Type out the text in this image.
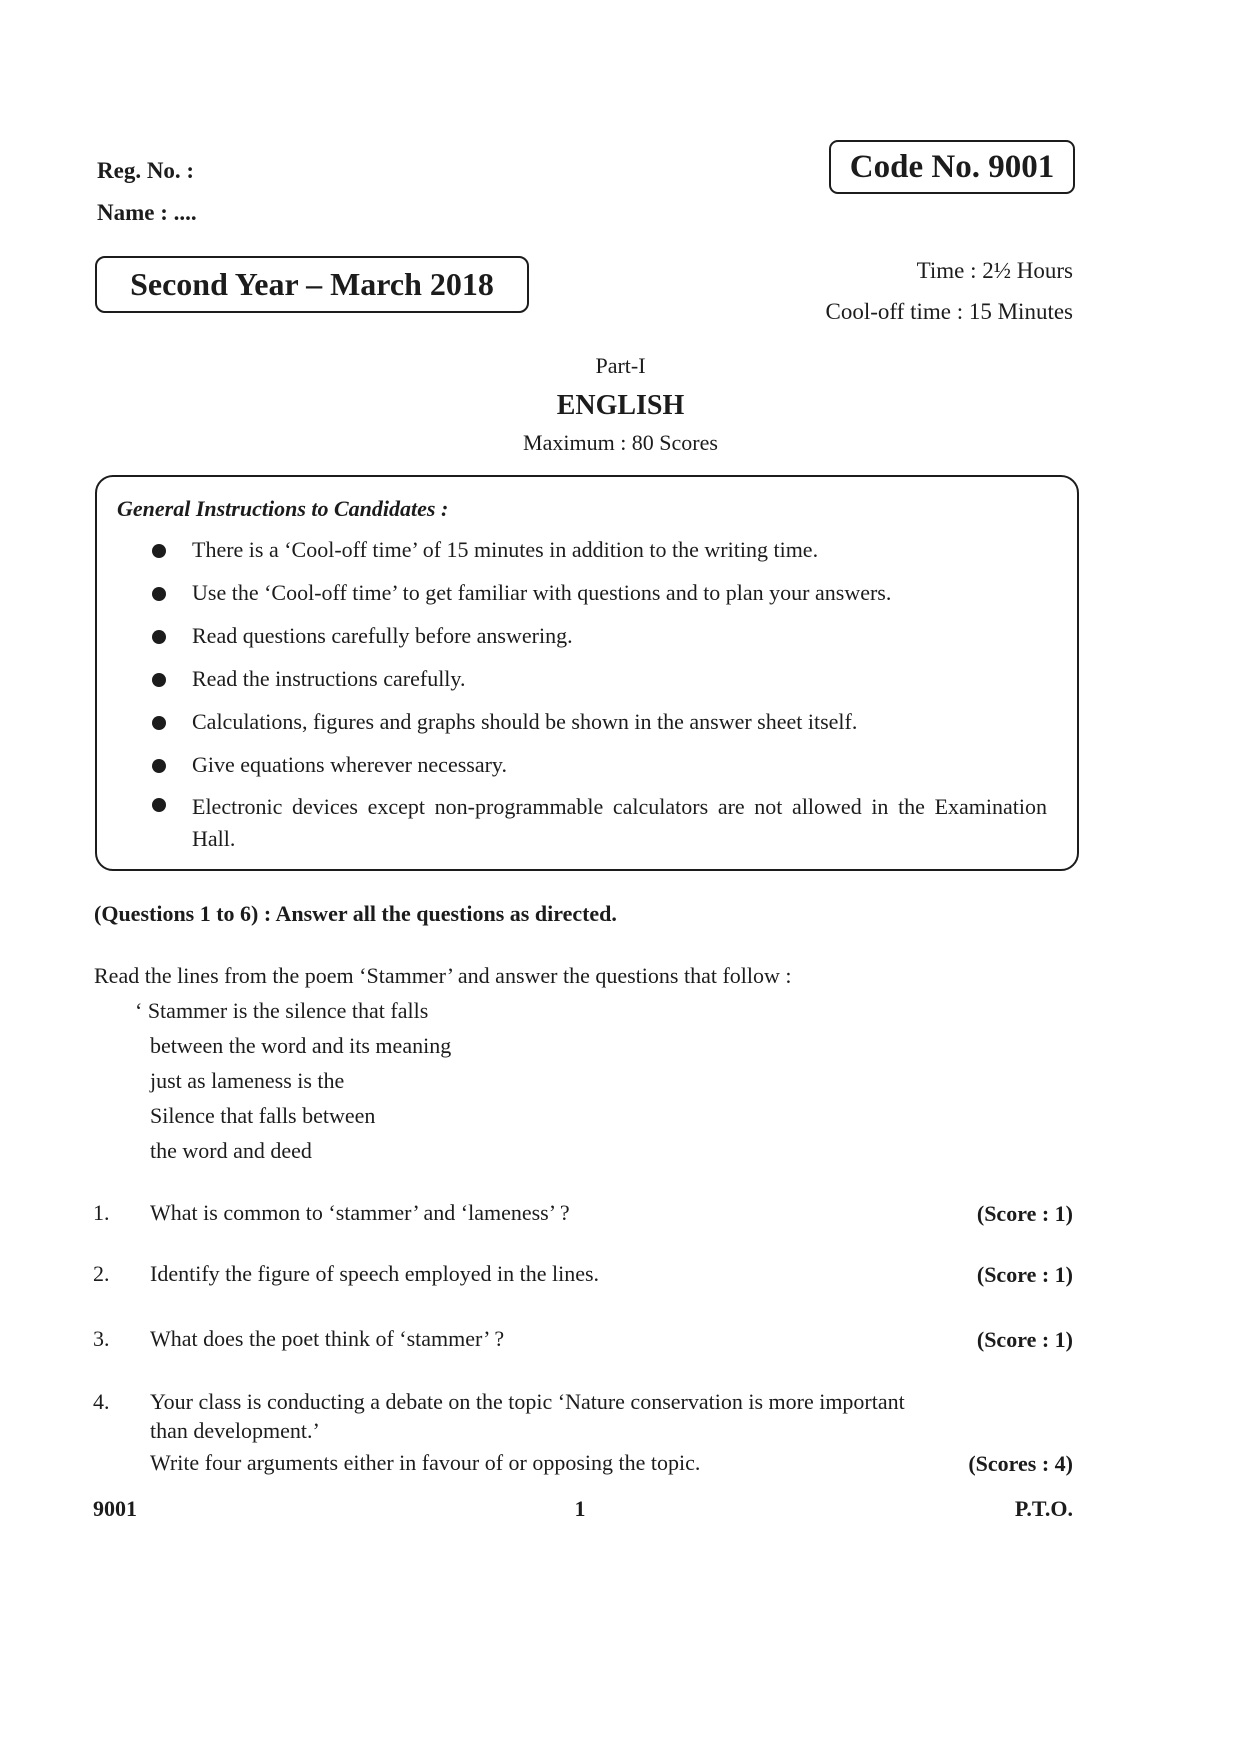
Reg. No. :
Name : ....
Code No. 9001
Second Year – March 2018	Time : 2½ Hours
Cool-off time : 15 Minutes
Part-I
ENGLISH
Maximum : 80 Scores
General Instructions to Candidates :
There is a ‘Cool-off time’ of 15 minutes in addition to the writing time.
Use the ‘Cool-off time’ to get familiar with questions and to plan your answers.
Read questions carefully before answering.
Read the instructions carefully.
Calculations, figures and graphs should be shown in the answer sheet itself.
Give equations wherever necessary.
Electronic devices except non-programmable calculators are not allowed in the Examination Hall.
(Questions 1 to 6) : Answer all the questions as directed.
Read the lines from the poem ‘Stammer’ and answer the questions that follow :
‘ Stammer is the silence that falls
between the word and its meaning
just as lameness is the
Silence that falls between
the word and deed
1. What is common to ‘stammer’ and ‘lameness’ ?	(Score : 1)
2. Identify the figure of speech employed in the lines.	(Score : 1)
3. What does the poet think of ‘stammer’ ?	(Score : 1)
4. Your class is conducting a debate on the topic ‘Nature conservation is more important
than development.’
Write four arguments either in favour of or opposing the topic.	(Scores : 4)
9001	1	P.T.O.
